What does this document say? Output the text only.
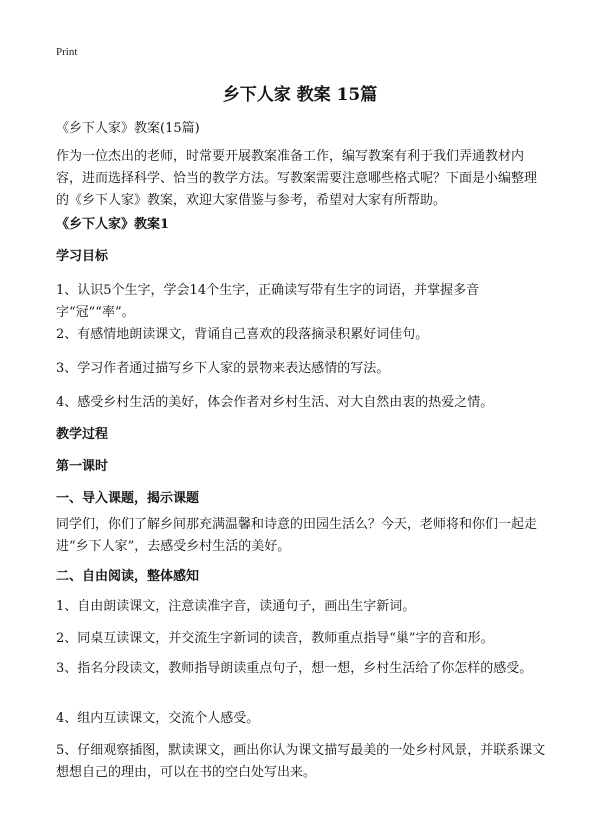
Print
乡下人家 教案 15篇

《乡下人家》教案(15篇)

作为一位杰出的老师，时常要开展教案准备工作，编写教案有利于我们弄通教材内容，进而选择科学、恰当的教学方法。写教案需要注意哪些格式呢？下面是小编整理的《乡下人家》教案，欢迎大家借鉴与参考，希望对大家有所帮助。

《乡下人家》教案1

学习目标

1、认识5个生字，学会14个生字，正确读写带有生字的词语，并掌握多音字“冠”“率”。

2、有感情地朗读课文，背诵自己喜欢的段落摘录积累好词佳句。

3、学习作者通过描写乡下人家的景物来表达感情的写法。

4、感受乡村生活的美好，体会作者对乡村生活、对大自然由衷的热爱之情。

教学过程

第一课时

一、导入课题，揭示课题

同学们，你们了解乡间那充满温馨和诗意的田园生活么？今天，老师将和你们一起走进“乡下人家”，去感受乡村生活的美好。

二、自由阅读，整体感知

1、自由朗读课文，注意读准字音，读通句子，画出生字新词。

2、同桌互读课文，并交流生字新词的读音，教师重点指导“巢”字的音和形。

3、指名分段读文，教师指导朗读重点句子，想一想，乡村生活给了你怎样的感受。

4、组内互读课文，交流个人感受。

5、仔细观察插图，默读课文，画出你认为课文描写最美的一处乡村风景，并联系课文想想自己的理由，可以在书的空白处写出来。
